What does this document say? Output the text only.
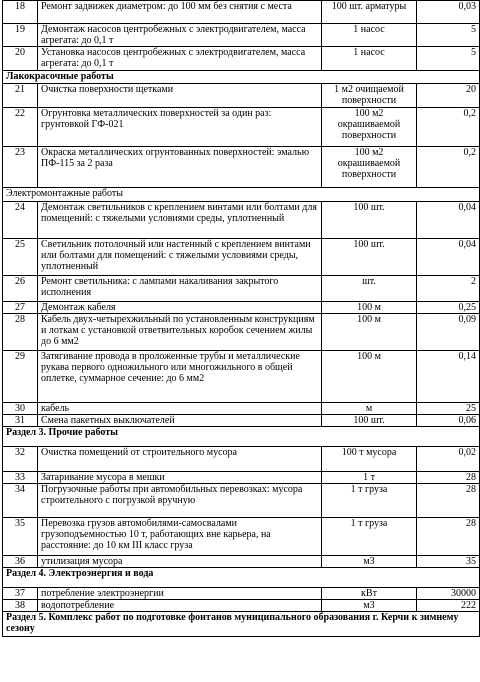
18	Ремонт задвижек диаметром: до 100 мм без снятия с места	100 шт. арматуры	0,03
19	Демонтаж насосов центробежных с электродвигателем, масса агрегата: до 0,1 т	1 насос	5
20	Установка насосов центробежных с электродвигателем, масса агрегата: до 0,1 т	1 насос	5
Лакокрасочные работы			
21	Очистка поверхности щетками	1 м2 очищаемой поверхности	20
22	Огрунтовка металлических поверхностей за один раз: грунтовкой ГФ-021	100 м2 окрашиваемой поверхности	0,2
23	Окраска металлических огрунтованных поверхностей: эмалью ПФ-115 за 2 раза	100 м2 окрашиваемой поверхности	0,2
Электромонтажные работы			
24	Демонтаж светильников с креплением винтами или болтами для помещений: с тяжелыми условиями среды, уплотненный	100 шт.	0,04
25	Светильник потолочный или настенный с креплением винтами или болтами для помещений: с тяжелыми условиями среды, уплотненный	100 шт.	0,04
26	Ремонт светильника: с лампами накаливания закрытого исполнения	шт.	2
27	Демонтаж кабеля	100 м	0,25
28	Кабель двух-четырехжильный по установленным конструкциям и лоткам с установкой ответвительных коробок сечением жилы до 6 мм2	100 м	0,09
29	Затягивание провода в проложенные трубы и металлические рукава первого одножильного или многожильного в общей оплетке, суммарное сечение: до 6 мм2	100 м	0,14
30	кабель	м	25
31	Смена пакетных выключателей	100 шт.	0,06
Раздел 3. Прочие работы			
32	Очистка помещений от строительного мусора	100 т мусора	0,02
33	Затаривание мусора в мешки	1 т	28
34	Погрузочные работы при автомобильных перевозках: мусора строительного с погрузкой вручную	1 т груза	28
35	Перевозка грузов автомобилями-самосвалами грузоподъемностью 10 т, работающих вне карьера, на расстояние: до 10 км III класс груза	1 т груза	28
36	утилизация мусора	м3	35
Раздел 4. Электроэнергия и вода			
37	потребление электроэнергии	кВт	30000
38	водопотребление	м3	222
Раздел 5. Комплекс работ по подготовке фонтанов муниципального образования г. Керчи к зимнему сезону			
